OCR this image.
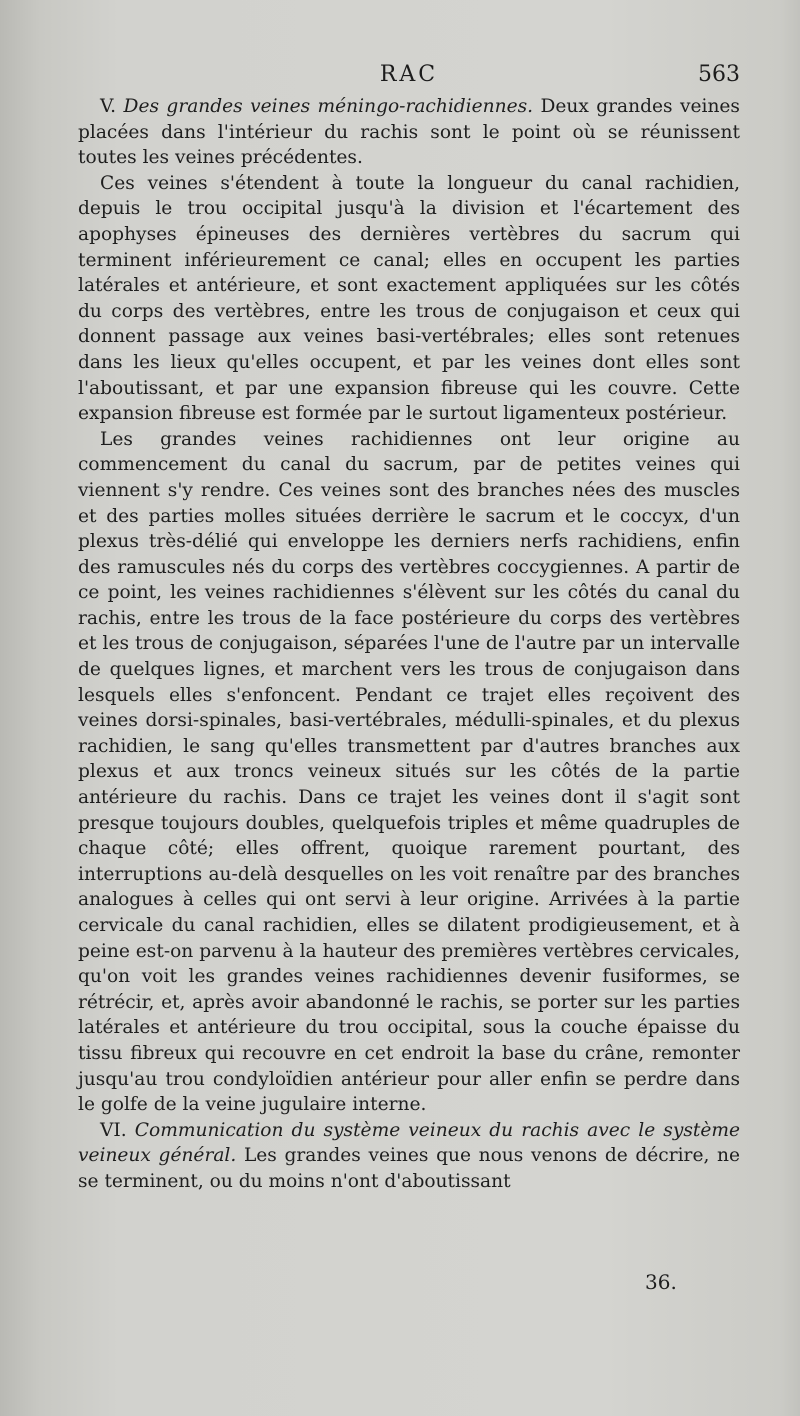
RAC	563

V. Des grandes veines méningo-rachidiennes. Deux grandes veines placées dans l'intérieur du rachis sont le point où se réunissent toutes les veines précédentes.

Ces veines s'étendent à toute la longueur du canal rachidien, depuis le trou occipital jusqu'à la division et l'écartement des apophyses épineuses des dernières vertèbres du sacrum qui terminent inférieurement ce canal; elles en occupent les parties latérales et antérieure, et sont exactement appliquées sur les côtés du corps des vertèbres, entre les trous de conjugaison et ceux qui donnent passage aux veines basi-vertébrales; elles sont retenues dans les lieux qu'elles occupent, et par les veines dont elles sont l'aboutissant, et par une expansion fibreuse qui les couvre. Cette expansion fibreuse est formée par le surtout ligamenteux postérieur.

Les grandes veines rachidiennes ont leur origine au commencement du canal du sacrum, par de petites veines qui viennent s'y rendre. Ces veines sont des branches nées des muscles et des parties molles situées derrière le sacrum et le coccyx, d'un plexus très-délié qui enveloppe les derniers nerfs rachidiens, enfin des ramuscules nés du corps des vertèbres coccygiennes. A partir de ce point, les veines rachidiennes s'élèvent sur les côtés du canal du rachis, entre les trous de la face postérieure du corps des vertèbres et les trous de conjugaison, séparées l'une de l'autre par un intervalle de quelques lignes, et marchent vers les trous de conjugaison dans lesquels elles s'enfoncent. Pendant ce trajet elles reçoivent des veines dorsi-spinales, basi-vertébrales, médulli-spinales, et du plexus rachidien, le sang qu'elles transmettent par d'autres branches aux plexus et aux troncs veineux situés sur les côtés de la partie antérieure du rachis. Dans ce trajet les veines dont il s'agit sont presque toujours doubles, quelquefois triples et même quadruples de chaque côté; elles offrent, quoique rarement pourtant, des interruptions au-delà desquelles on les voit renaître par des branches analogues à celles qui ont servi à leur origine. Arrivées à la partie cervicale du canal rachidien, elles se dilatent prodigieusement, et à peine est-on parvenu à la hauteur des premières vertèbres cervicales, qu'on voit les grandes veines rachidiennes devenir fusiformes, se rétrécir, et, après avoir abandonné le rachis, se porter sur les parties latérales et antérieure du trou occipital, sous la couche épaisse du tissu fibreux qui recouvre en cet endroit la base du crâne, remonter jusqu'au trou condyloïdien antérieur pour aller enfin se perdre dans le golfe de la veine jugulaire interne.

VI. Communication du système veineux du rachis avec le système veineux général. Les grandes veines que nous venons de décrire, ne se terminent, ou du moins n'ont d'aboutissant

36.
